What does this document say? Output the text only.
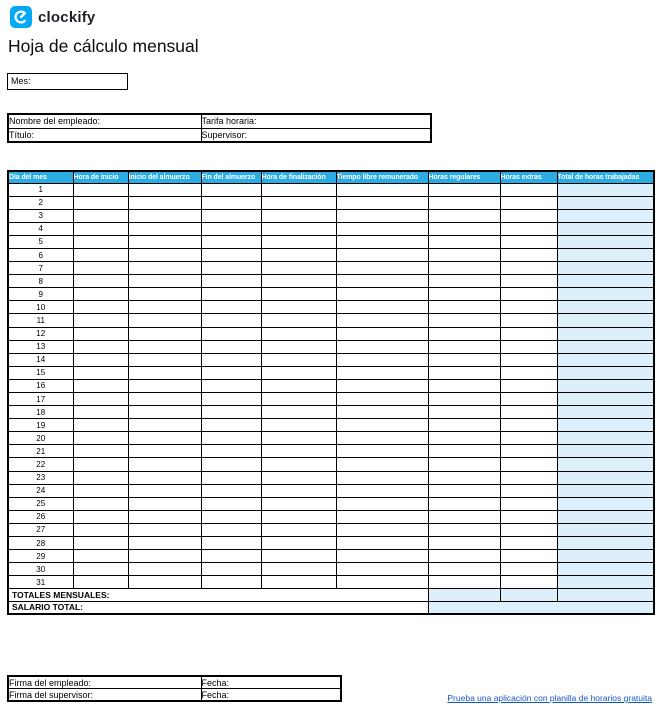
clockify
Hoja de cálculo mensual
Mes:
Nombre del empleado:	Tarifa horaria:
Título:	Supervisor:
Día del mes	Hora de inicio	Inicio del almuerzo	Fin del almuerzo	Hora de finalización	Tiempo libre remunerado	Horas regulares	Horas extras	Total de horas trabajadas
1								
2								
3								
4								
5								
6								
7								
8								
9								
10								
11								
12								
13								
14								
15								
16								
17								
18								
19								
20								
21								
22								
23								
24								
25								
26								
27								
28								
29								
30								
31								
TOTALES MENSUALES:								
SALARIO TOTAL:								
Firma del empleado:	Fecha:
Firma del supervisor:	Fecha:	Prueba una aplicación con planilla de horarios gratuita
